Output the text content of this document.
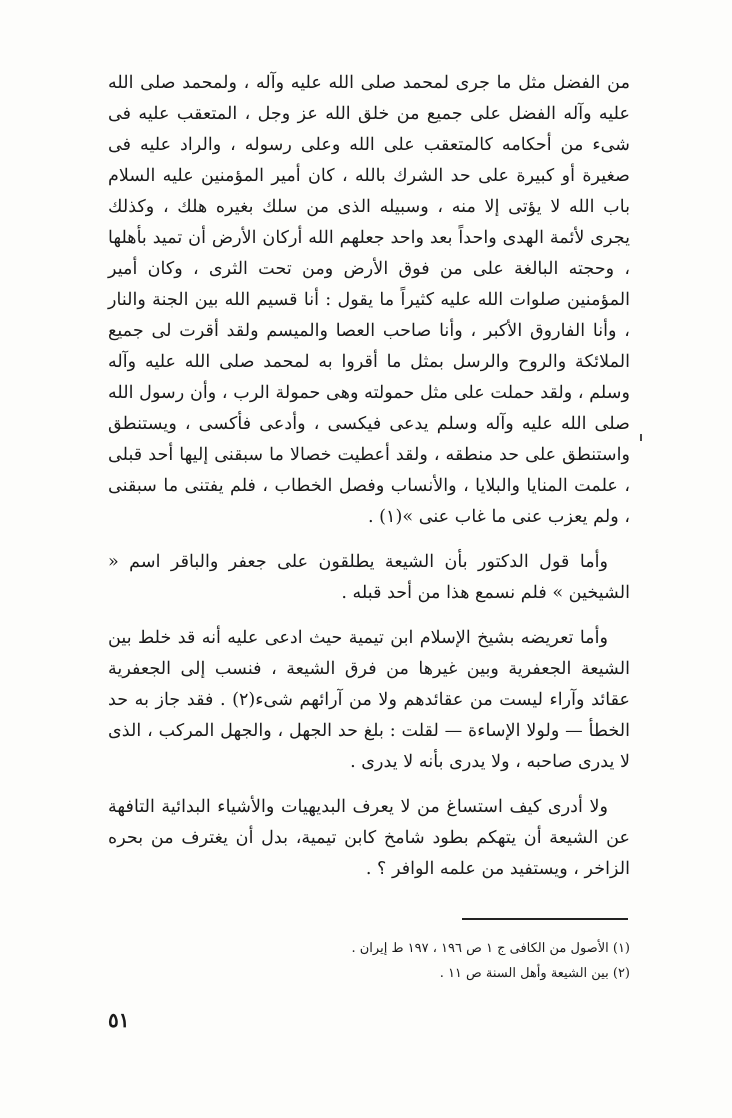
من الفضل مثل ما جرى لمحمد صلى الله عليه وآله ، ولمحمد صلى الله عليه وآله الفضل على جميع من خلق الله عز وجل ، المتعقب عليه فى شىء من أحكامه كالمتعقب على الله وعلى رسوله ، والراد عليه فى صغيرة أو كبيرة على حد الشرك بالله ، كان أمير المؤمنين عليه السلام باب الله لا يؤتى إلا منه ، وسبيله الذى من سلك بغيره هلك ، وكذلك يجرى لأئمة الهدى واحداً بعد واحد جعلهم الله أركان الأرض أن تميد بأهلها ، وحجته البالغة على من فوق الأرض ومن تحت الثرى ، وكان أمير المؤمنين صلوات الله عليه كثيراً ما يقول : أنا قسيم الله بين الجنة والنار ، وأنا الفاروق الأكبر ، وأنا صاحب العصا والميسم ولقد أقرت لى جميع الملائكة والروح والرسل بمثل ما أقروا به لمحمد صلى الله عليه وآله وسلم ، ولقد حملت على مثل حمولته وهى حمولة الرب ، وأن رسول الله صلى الله عليه وآله وسلم يدعى فيكسى ، وأدعى فأكسى ، ويستنطق واستنطق على حد منطقه ، ولقد أعطيت خصالا ما سبقنى إليها أحد قبلى ، علمت المنايا والبلايا ، والأنساب وفصل الخطاب ، فلم يفتنى ما سبقنى ، ولم يعزب عنى ما غاب عنى »(١) .

وأما قول الدكتور بأن الشيعة يطلقون على جعفر والباقر اسم « الشيخين » فلم نسمع هذا من أحد قبله .

وأما تعريضه بشيخ الإسلام ابن تيمية حيث ادعى عليه أنه قد خلط بين الشيعة الجعفرية وبين غيرها من فرق الشيعة ، فنسب إلى الجعفرية عقائد وآراء ليست من عقائدهم ولا من آرائهم شىء(٢) . فقد جاز به حد الخطأ — ولولا الإساءة — لقلت : بلغ حد الجهل ، والجهل المركب ، الذى لا يدرى صاحبه ، ولا يدرى بأنه لا يدرى .

ولا أدرى كيف استساغ من لا يعرف البديهيات والأشياء البدائية التافهة عن الشيعة أن يتهكم بطود شامخ كابن تيمية، بدل أن يغترف من بحره الزاخر ، ويستفيد من علمه الوافر ؟ .

(١) الأصول من الكافى ج ١ ص ١٩٦ ، ١٩٧ ط إيران .

(٢) بين الشيعة وأهل السنة ص ١١ .

٥١
